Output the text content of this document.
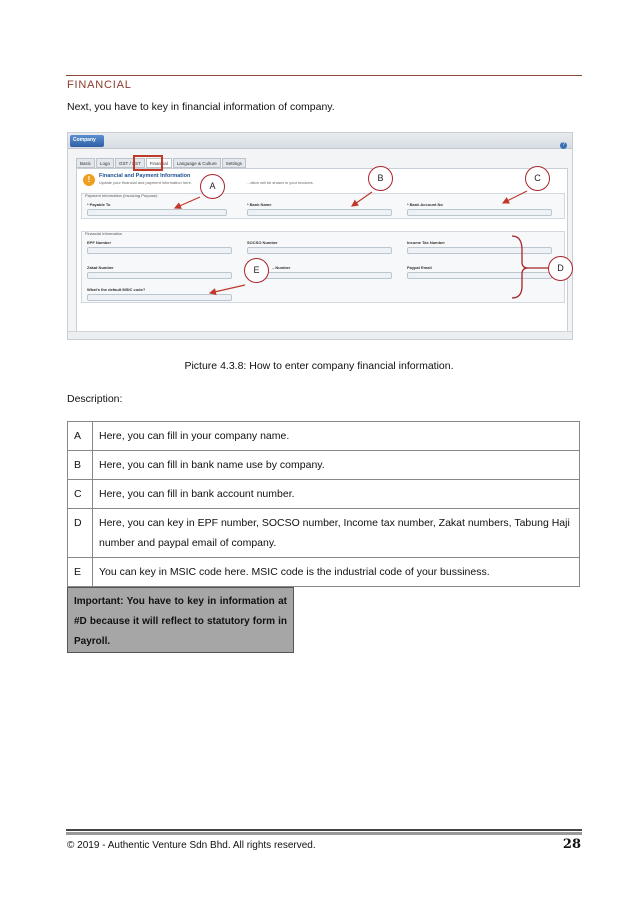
FINANCIAL
Next, you have to key in financial information of company.
Company
?
Basic	Logo	GST / SST	Financial	Language & Culture	Settings
!	Financial and Payment Information
Update your financial and payment information here.	...ation will be shown in your invoices.
Payment Information (Invoicing Purpose)
* Payable To	* Bank Name	* Bank Account No
Financial Information
EPF Number	SOCSO Number	Income Tax Number
Zakat Number	...Number	Paypal Email
What's the default MSIC code?
A
B	C
D
E
Picture 4.3.8: How to enter company financial information.
Description:
A	Here, you can fill in your company name.
B	Here, you can fill in bank name use by company.
C	Here, you can fill in bank account number.
D	Here, you can key in EPF number, SOCSO number, Income tax number, Zakat numbers, Tabung Haji number and paypal email of company.
E	You can key in MSIC code here. MSIC code is the industrial code of your bussiness.
Important: You have to key in information at #D because it will reflect to statutory form in Payroll.
© 2019 - Authentic Venture Sdn Bhd. All rights reserved.	28
